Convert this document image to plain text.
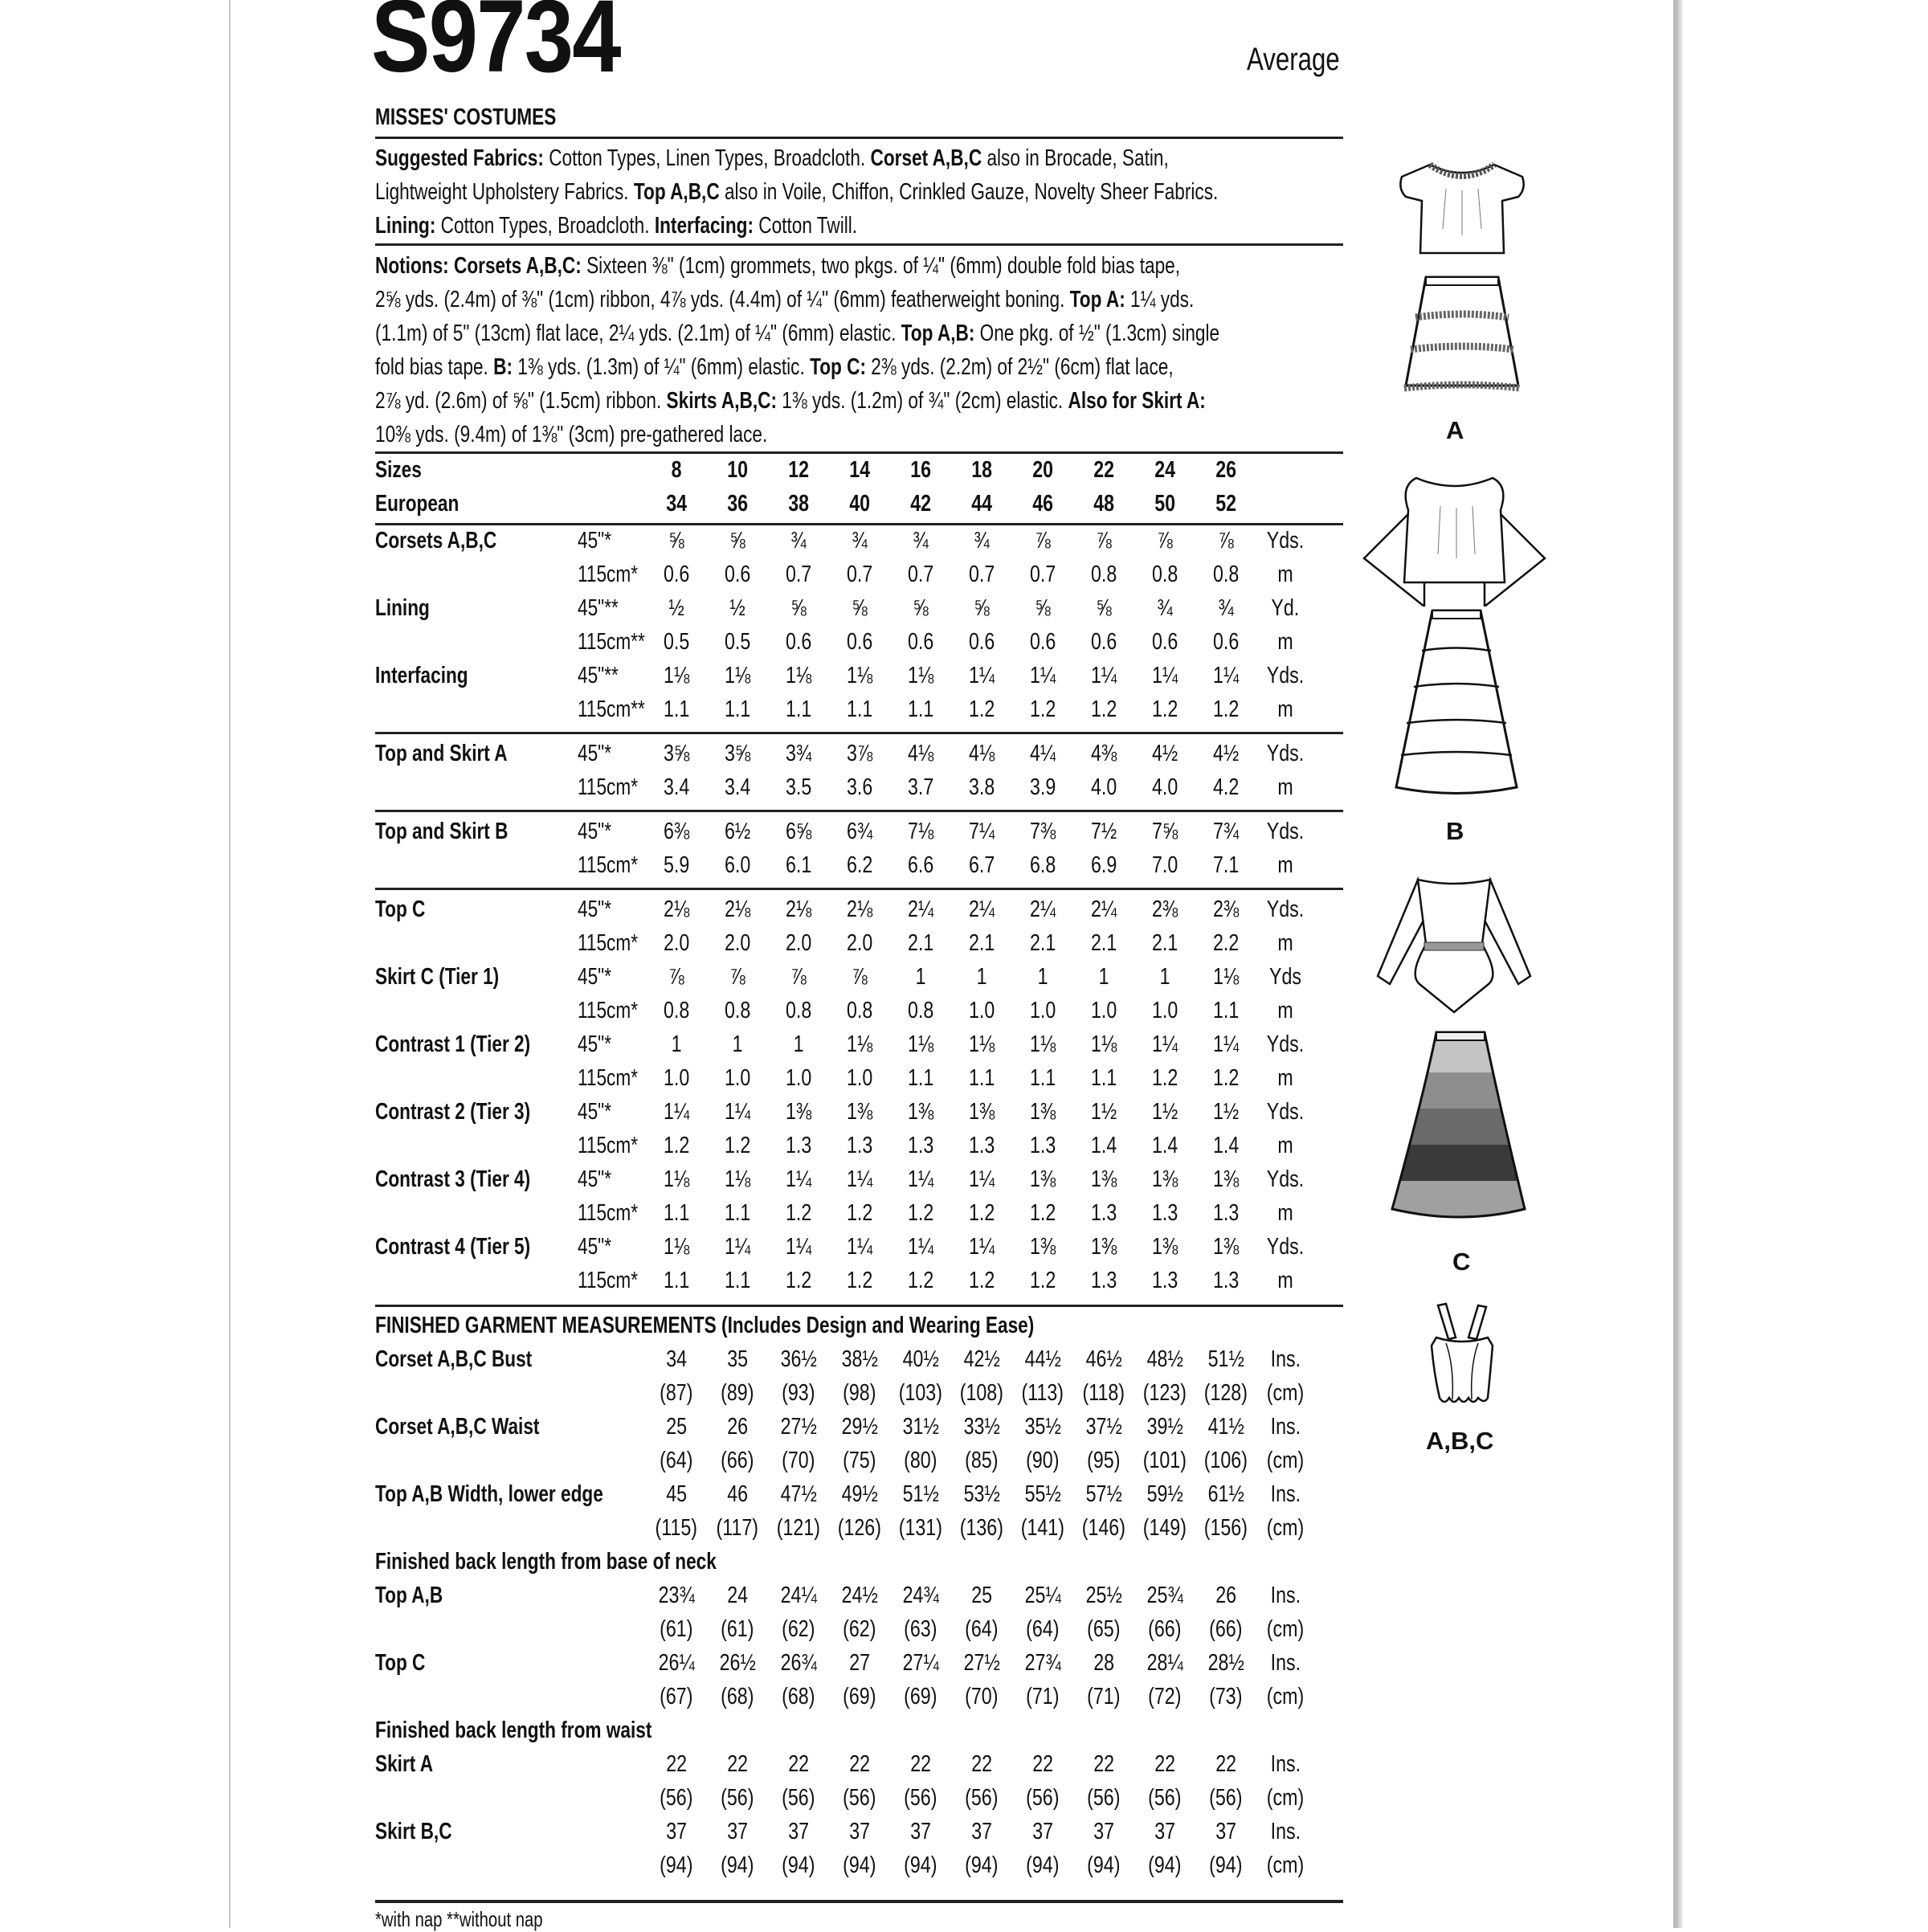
S9734	Average
MISSES' COSTUMES
Suggested Fabrics: Cotton Types, Linen Types, Broadcloth. Corset A,B,C also in Brocade, Satin,
Lightweight Upholstery Fabrics. Top A,B,C also in Voile, Chiffon, Crinkled Gauze, Novelty Sheer Fabrics.
Lining: Cotton Types, Broadcloth. Interfacing: Cotton Twill.
Notions: Corsets A,B,C: Sixteen ⅜" (1cm) grommets, two pkgs. of ¼" (6mm) double fold bias tape,
2⅝ yds. (2.4m) of ⅜" (1cm) ribbon, 4⅞ yds. (4.4m) of ¼" (6mm) featherweight boning. Top A: 1¼ yds.
(1.1m) of 5" (13cm) flat lace, 2¼ yds. (2.1m) of ¼" (6mm) elastic. Top A,B: One pkg. of ½" (1.3cm) single
fold bias tape. B: 1⅜ yds. (1.3m) of ¼" (6mm) elastic. Top C: 2⅜ yds. (2.2m) of 2½" (6cm) flat lace,
2⅞ yd. (2.6m) of ⅝" (1.5cm) ribbon. Skirts A,B,C: 1⅜ yds. (1.2m) of ¾" (2cm) elastic. Also for Skirt A:
10⅜ yds. (9.4m) of 1⅜" (3cm) pre-gathered lace.
*with nap **without nap
A
B
C
A,B,C
Sizes	8	10	12	14	16	18	20	22	24	26
European	34	36	38	40	42	44	46	48	50	52
Corsets A,B,C	45"*	⅝	⅝	¾	¾	¾	¾	⅞	⅞	⅞	⅞	Yds.
115cm*	0.6	0.6	0.7	0.7	0.7	0.7	0.7	0.8	0.8	0.8	m
Lining	45"**	½	½	⅝	⅝	⅝	⅝	⅝	⅝	¾	¾	Yd.
115cm** 0.5	0.5	0.6	0.6	0.6	0.6	0.6	0.6	0.6	0.6	m
Interfacing	45"**	1⅛	1⅛	1⅛	1⅛	1⅛	1¼	1¼	1¼	1¼	1¼	Yds.
115cm** 1.1	1.1	1.1	1.1	1.1	1.2	1.2	1.2	1.2	1.2	m
Top and Skirt A	45"*	3⅝	3⅝	3¾	3⅞	4⅛	4⅛	4¼	4⅜	4½	4½	Yds.
115cm*	3.4	3.4	3.5	3.6	3.7	3.8	3.9	4.0	4.0	4.2	m
Top and Skirt B	45"*	6⅜	6½	6⅝	6¾	7⅛	7¼	7⅜	7½	7⅝	7¾	Yds.
115cm*	5.9	6.0	6.1	6.2	6.6	6.7	6.8	6.9	7.0	7.1	m
Top C	45"*	2⅛	2⅛	2⅛	2⅛	2¼	2¼	2¼	2¼	2⅜	2⅜	Yds.
115cm*	2.0	2.0	2.0	2.0	2.1	2.1	2.1	2.1	2.1	2.2	m
Skirt C (Tier 1)	45"*	⅞	⅞	⅞	⅞	1	1	1	1	1	1⅛	Yds
115cm*	0.8	0.8	0.8	0.8	0.8	1.0	1.0	1.0	1.0	1.1	m
Contrast 1 (Tier 2) 45"*	1	1	1	1⅛	1⅛	1⅛	1⅛	1⅛	1¼	1¼	Yds.
115cm*	1.0	1.0	1.0	1.0	1.1	1.1	1.1	1.1	1.2	1.2	m
Contrast 2 (Tier 3) 45"*	1¼	1¼	1⅜	1⅜	1⅜	1⅜	1⅜	1½	1½	1½	Yds.
115cm*	1.2	1.2	1.3	1.3	1.3	1.3	1.3	1.4	1.4	1.4	m
Contrast 3 (Tier 4) 45"*	1⅛	1⅛	1¼	1¼	1¼	1¼	1⅜	1⅜	1⅜	1⅜	Yds.
115cm*	1.1	1.1	1.2	1.2	1.2	1.2	1.2	1.3	1.3	1.3	m
Contrast 4 (Tier 5) 45"*	1⅛	1¼	1¼	1¼	1¼	1¼	1⅜	1⅜	1⅜	1⅜	Yds.
115cm*	1.1	1.1	1.2	1.2	1.2	1.2	1.2	1.3	1.3	1.3	m
FINISHED GARMENT MEASUREMENTS (Includes Design and Wearing Ease)
Corset A,B,C Bust	34	35	36½	38½	40½	42½	44½	46½	48½	51½	Ins.
(87)	(89)	(93)	(98) (103) (108) (113) (118) (123) (128) (cm)
Corset A,B,C Waist	25	26	27½	29½	31½	33½	35½	37½	39½	41½	Ins.
(64)	(66)	(70)	(75)	(80)	(85)	(90)	(95) (101) (106) (cm)
Top A,B Width, lower edge	45	46	47½	49½	51½	53½	55½	57½	59½	61½	Ins.
(115) (117) (121) (126) (131) (136) (141) (146) (149) (156) (cm)
Finished back length from base of neck
Top A,B	23¾	24	24¼	24½	24¾	25	25¼	25½	25¾	26	Ins.
(61)	(61)	(62)	(62)	(63)	(64)	(64)	(65)	(66)	(66)	(cm)
Top C	26¼	26½	26¾	27	27¼	27½	27¾	28	28¼	28½	Ins.
(67)	(68)	(68)	(69)	(69)	(70)	(71)	(71)	(72)	(73)	(cm)
Finished back length from waist
Skirt A	22	22	22	22	22	22	22	22	22	22	Ins.
(56)	(56)	(56)	(56)	(56)	(56)	(56)	(56)	(56)	(56)	(cm)
Skirt B,C	37	37	37	37	37	37	37	37	37	37	Ins.
(94)	(94)	(94)	(94)	(94)	(94)	(94)	(94)	(94)	(94)	(cm)
